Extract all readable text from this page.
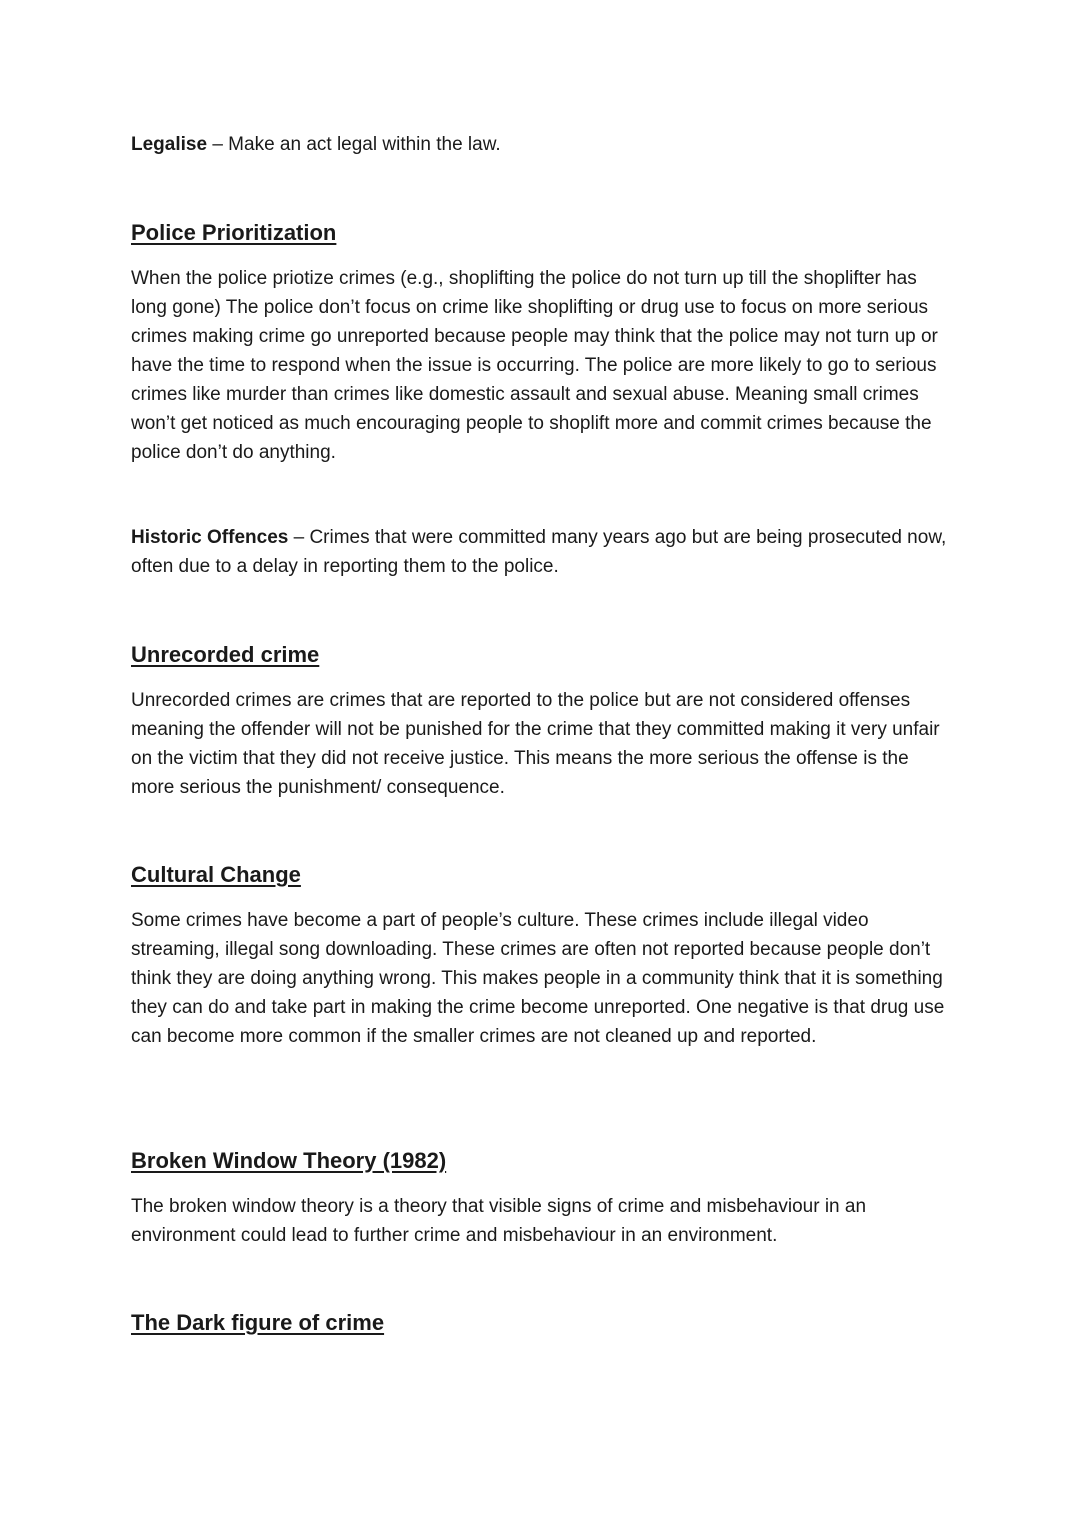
Legalise – Make an act legal within the law.

Police Prioritization

When the police priotize crimes (e.g., shoplifting the police do not turn up till the shoplifter has long gone) The police don’t focus on crime like shoplifting or drug use to focus on more serious crimes making crime go unreported because people may think that the police may not turn up or have the time to respond when the issue is occurring. The police are more likely to go to serious crimes like murder than crimes like domestic assault and sexual abuse. Meaning small crimes won’t get noticed as much encouraging people to shoplift more and commit crimes because the police don’t do anything.

Historic Offences – Crimes that were committed many years ago but are being prosecuted now, often due to a delay in reporting them to the police.

Unrecorded crime

Unrecorded crimes are crimes that are reported to the police but are not considered offenses meaning the offender will not be punished for the crime that they committed making it very unfair on the victim that they did not receive justice. This means the more serious the offense is the more serious the punishment/ consequence.

Cultural Change

Some crimes have become a part of people’s culture. These crimes include illegal video streaming, illegal song downloading. These crimes are often not reported because people don’t think they are doing anything wrong. This makes people in a community think that it is something they can do and take part in making the crime become unreported. One negative is that drug use can become more common if the smaller crimes are not cleaned up and reported.

Broken Window Theory (1982)

The broken window theory is a theory that visible signs of crime and misbehaviour in an environment could lead to further crime and misbehaviour in an environment.

The Dark figure of crime
